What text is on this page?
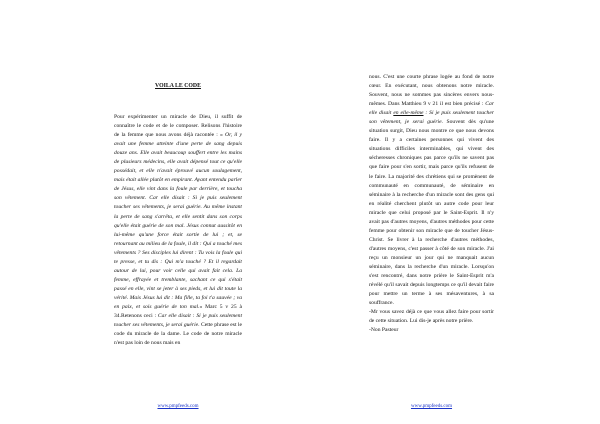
VOILA LE CODE

Pour expérimenter un miracle de Dieu, il suffit de connaître le code et de le composer. Relisons l'histoire de la femme que nous avons déjà racontée : « Or, il y avait une femme atteinte d'une perte de sang depuis douze ans. Elle avait beaucoup souffert entre les mains de plusieurs médecins, elle avait dépensé tout ce qu'elle possédait, et elle n'avait éprouvé aucun soulagement, mais était allée plutôt en empirant. Ayant entendu parler de Jésus, elle vint dans la foule par derrière, et toucha son vêtement. Car elle disait : Si je puis seulement toucher ses vêtements, je serai guérie. Au même instant la perte de sang s'arrêta, et elle sentit dans son corps qu'elle était guérie de son mal. Jésus connut aussitôt en lui-même qu'une force était sortie de lui ; et, se retournant au milieu de la foule, il dit : Qui a touché mes vêtements ? Ses disciples lui dirent : Tu vois la foule qui te presse, et tu dis : Qui m'a touché ? Et il regardait autour de lui, pour voir celle qui avait fait cela. La femme, effrayée et tremblante, sachant ce qui s'était passé en elle, vint se jeter à ses pieds, et lui dit toute la vérité. Mais Jésus lui dit : Ma fille, ta foi t'a sauvée ; va en paix, et sois guérie de ton mal.» Marc 5 v 25 à 34.Retenons ceci : Car elle disait : Si je puis seulement toucher ses vêtements, je serai guérie. Cette phrase est le code du miracle de la dame. Le code de notre miracle n'est pas loin de nous mais en

www.pmpfeeds.com

nous. C'est une courte phrase logée au fond de notre cœur. En exécutant, nous obtenons notre miracle. Souvent, nous ne sommes pas sincères envers nous-mêmes. Dans Matthieu 9 v 21 il est bien précisé : Car elle disait en elle-même : Si je puis seulement toucher son vêtement, je serai guérie. Souvent dès qu'une situation surgit, Dieu nous montre ce que nous devons faire. Il y a certaines personnes qui vivent des situations difficiles interminables, qui vivent des sécheresses chroniques pas parce qu'ils ne savent pas que faire pour s'en sortir, mais parce qu'ils refusent de le faire. La majorité des chrétiens qui se promènent de communauté en communauté, de séminaire en séminaire à la recherche d'un miracle sont des gens qui en réalité cherchent plutôt un autre code pour leur miracle que celui proposé par le Saint-Esprit. Il n'y avait pas d'autres moyens, d'autres méthodes pour cette femme pour obtenir son miracle que de toucher Jésus-Christ. Se livrer à la recherche d'autres méthodes, d'autres moyens, c'est passer à côté de son miracle. J'ai reçu un monsieur un jour qui ne manquait aucun séminaire, dans la recherche d'un miracle. Lorsqu'on s'est rencontré, dans notre prière le Saint-Esprit m'a révélé qu'il savait depuis longtemps ce qu'il devait faire pour mettre un terme à ses mésaventures, à sa souffrance.
-Mr vous savez déjà ce que vous allez faire pour sortir de cette situation. Lui dis-je après notre prière.
-Non Pasteur

www.pmpfeeds.com
